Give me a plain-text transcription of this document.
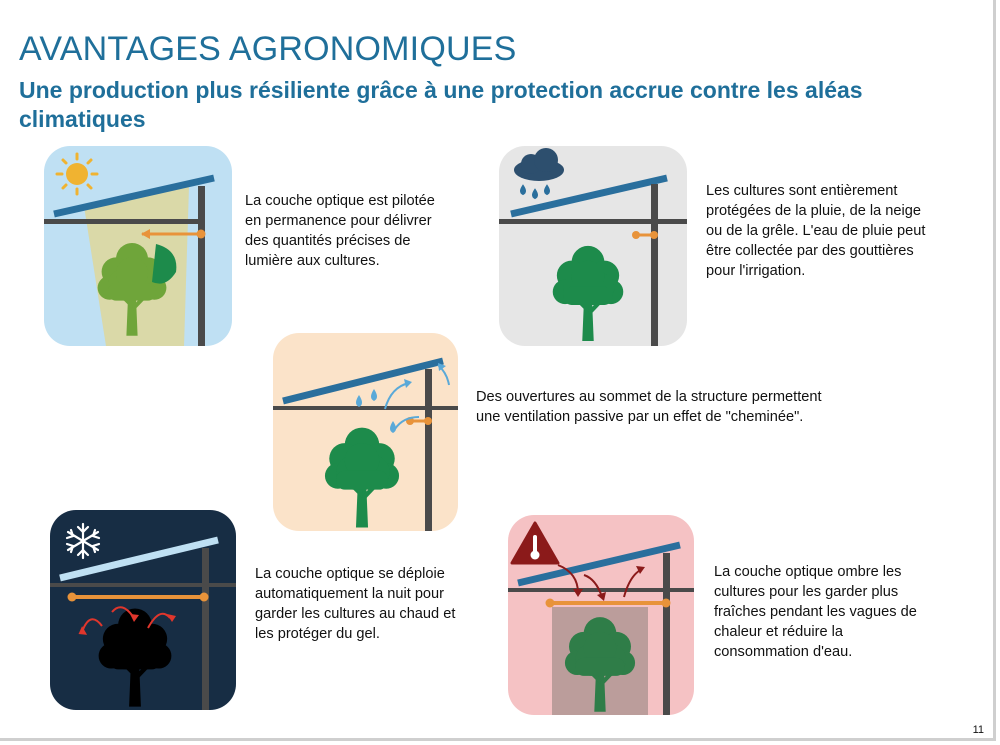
AVANTAGES AGRONOMIQUES
Une production plus résiliente grâce à une protection accrue contre les aléas climatiques

La couche optique est pilotée
en permanence pour délivrer
des quantités précises de
lumière aux cultures.

Les cultures sont entièrement
protégées de la pluie, de la neige
ou de la grêle. L'eau de pluie peut
être collectée par des gouttières
pour l'irrigation.

Des ouvertures au sommet de la structure permettent
une ventilation passive par un effet de "cheminée".

La couche optique se déploie
automatiquement la nuit pour
garder les cultures au chaud et
les protéger du gel.

La couche optique ombre les
cultures pour les garder plus
fraîches pendant les vagues de
chaleur et réduire la
consommation d'eau.

11
